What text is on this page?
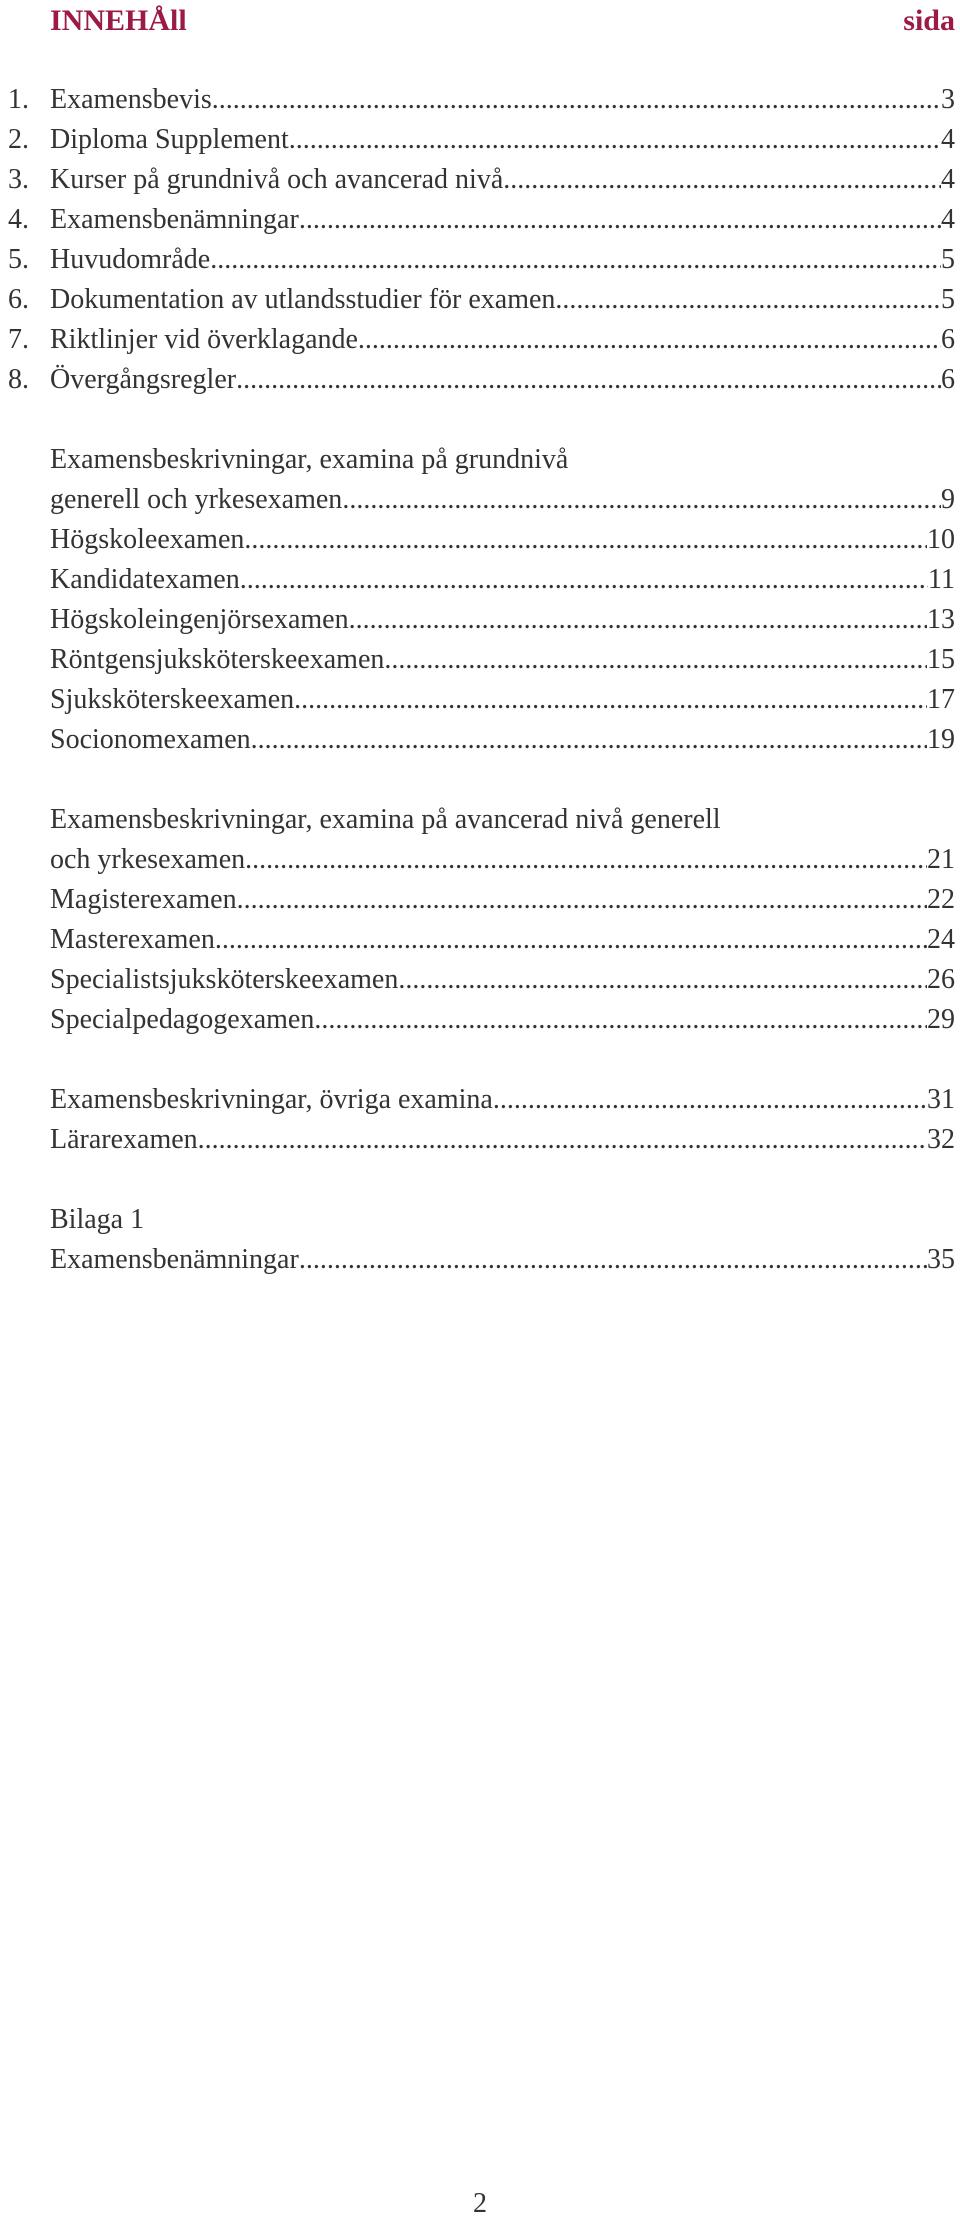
INNEHÅll	sida
1. Examensbevis .....	3
2. Diploma Supplement .....	4
3. Kurser på grundnivå och avancerad nivå .....	4
4. Examensbenämningar .....	4
5. Huvudområde .....	5
6. Dokumentation av utlandsstudier för examen .....	5
7. Riktlinjer vid överklagande .....	6
8. Övergångsregler .....	6
Examensbeskrivningar, examina på grundnivå
generell och yrkesexamen .....	9
Högskoleexamen .....	10
Kandidatexamen .....	11
Högskoleingenjörsexamen .....	13
Röntgensjuksköterskeexamen .....	15
Sjuksköterskeexamen .....	17
Socionomexamen .....	19
Examensbeskrivningar, examina på avancerad nivå generell
och yrkesexamen .....	21
Magisterexamen .....	22
Masterexamen .....	24
Specialistsjuksköterskeexamen .....	26
Specialpedagogexamen .....	29
Examensbeskrivningar, övriga examina .....	31
Lärarexamen .....	32
Bilaga 1
Examensbenämningar .....	35
2
